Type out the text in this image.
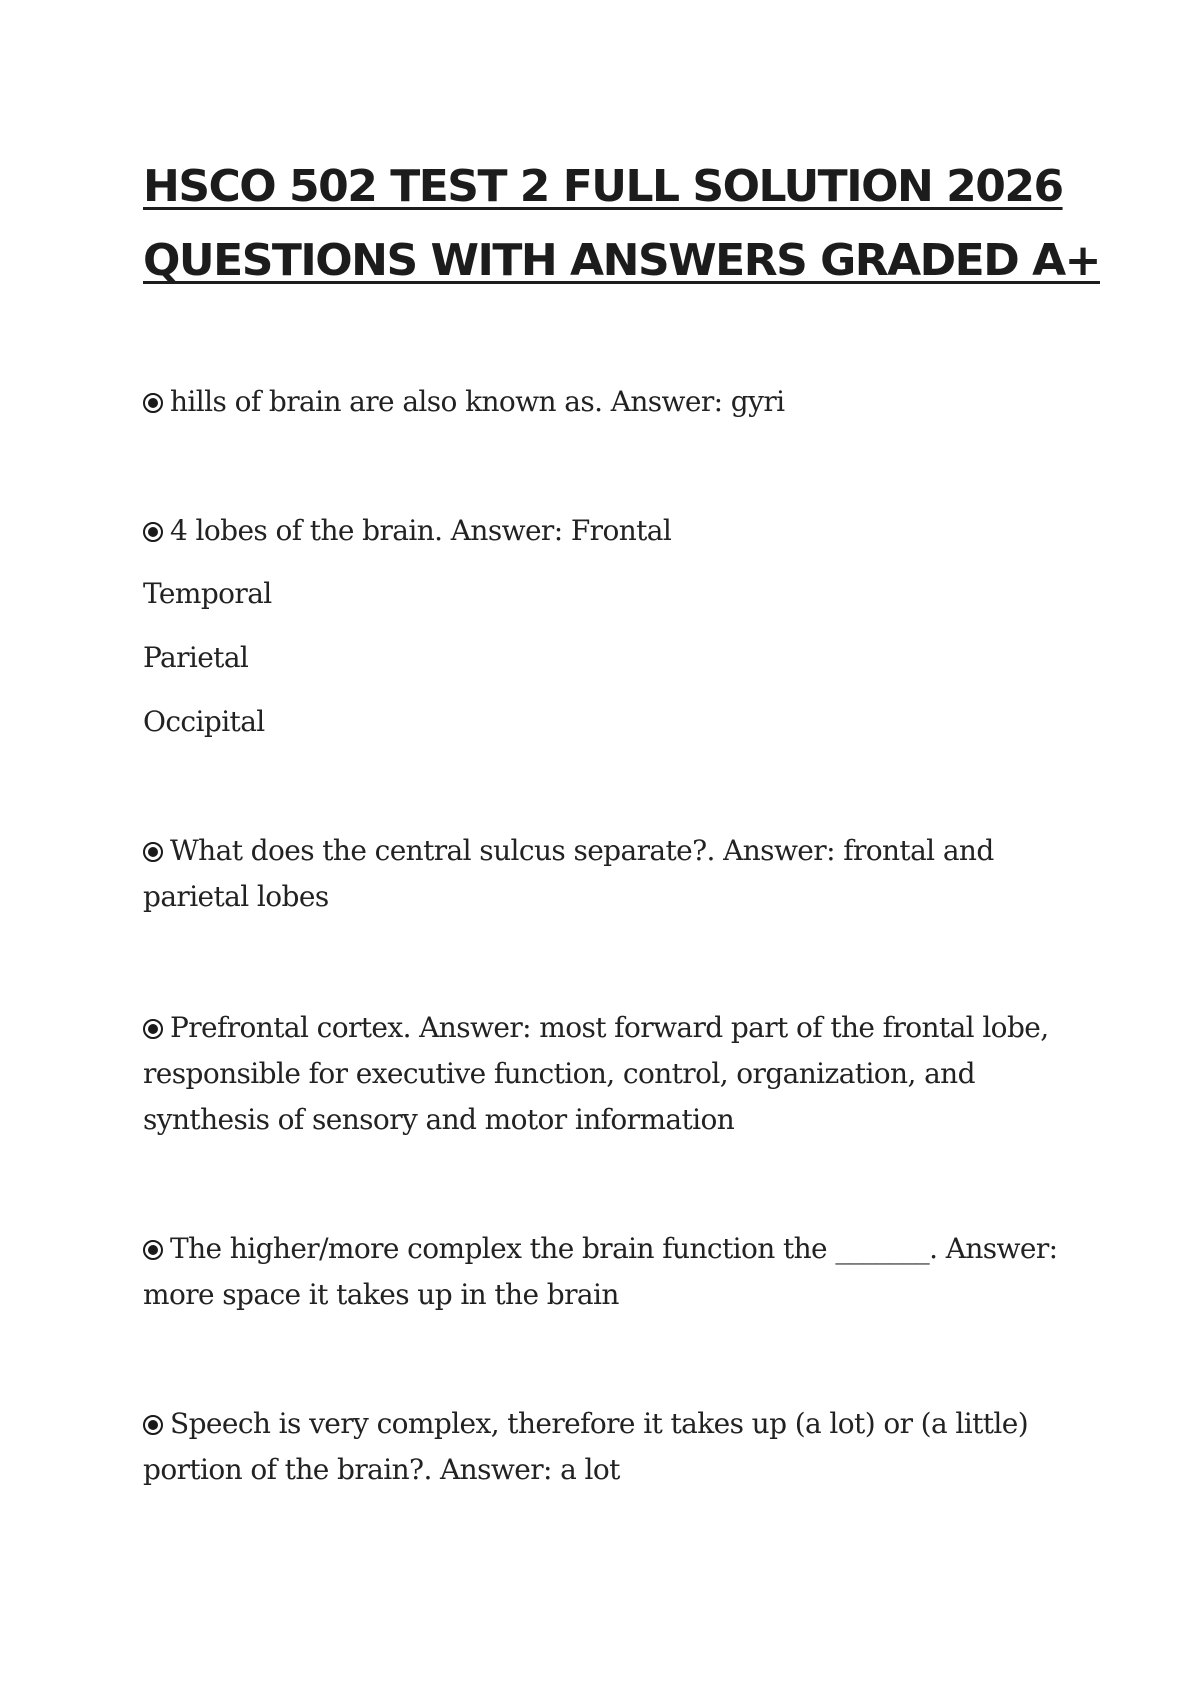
HSCO 502 TEST 2 FULL SOLUTION 2026
QUESTIONS WITH ANSWERS GRADED A+

hills of brain are also known as. Answer: gyri

4 lobes of the brain. Answer: Frontal

Temporal

Parietal

Occipital

What does the central sulcus separate?. Answer: frontal and
parietal lobes

Prefrontal cortex. Answer: most forward part of the frontal lobe,
responsible for executive function, control, organization, and
synthesis of sensory and motor information

The higher/more complex the brain function the _______. Answer:
more space it takes up in the brain

Speech is very complex, therefore it takes up (a lot) or (a little)
portion of the brain?. Answer: a lot
